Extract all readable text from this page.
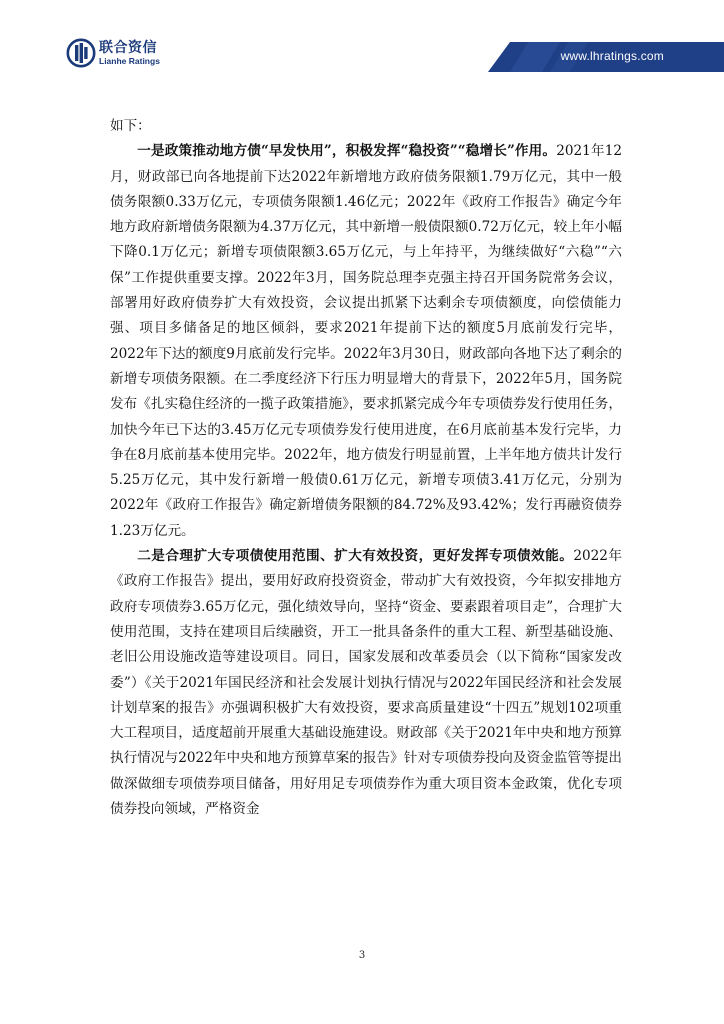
联合资信
Lianhe Ratings	www.lhratings.com

如下：

一是政策推动地方债“早发快用”，积极发挥“稳投资”“稳增长”作用。2021年12月，财政部已向各地提前下达2022年新增地方政府债务限额1.79万亿元，其中一般债务限额0.33万亿元，专项债务限额1.46亿元；2022年《政府工作报告》确定今年地方政府新增债务限额为4.37万亿元，其中新增一般债限额0.72万亿元，较上年小幅下降0.1万亿元；新增专项债限额3.65万亿元，与上年持平，为继续做好“六稳”“六保”工作提供重要支撑。2022年3月，国务院总理李克强主持召开国务院常务会议，部署用好政府债券扩大有效投资，会议提出抓紧下达剩余专项债额度，向偿债能力强、项目多储备足的地区倾斜，要求2021年提前下达的额度5月底前发行完毕，2022年下达的额度9月底前发行完毕。2022年3月30日，财政部向各地下达了剩余的新增专项债务限额。在二季度经济下行压力明显增大的背景下，2022年5月，国务院发布《扎实稳住经济的一揽子政策措施》，要求抓紧完成今年专项债券发行使用任务，加快今年已下达的3.45万亿元专项债券发行使用进度，在6月底前基本发行完毕，力争在8月底前基本使用完毕。2022年，地方债发行明显前置，上半年地方债共计发行5.25万亿元，其中发行新增一般债0.61万亿元，新增专项债3.41万亿元，分别为2022年《政府工作报告》确定新增债务限额的84.72%及93.42%；发行再融资债券1.23万亿元。

二是合理扩大专项债使用范围、扩大有效投资，更好发挥专项债效能。2022年《政府工作报告》提出，要用好政府投资资金，带动扩大有效投资，今年拟安排地方政府专项债券3.65万亿元，强化绩效导向，坚持“资金、要素跟着项目走”，合理扩大使用范围，支持在建项目后续融资，开工一批具备条件的重大工程、新型基础设施、老旧公用设施改造等建设项目。同日，国家发展和改革委员会（以下简称“国家发改委”）《关于2021年国民经济和社会发展计划执行情况与2022年国民经济和社会发展计划草案的报告》亦强调积极扩大有效投资，要求高质量建设“十四五”规划102项重大工程项目，适度超前开展重大基础设施建设。财政部《关于2021年中央和地方预算执行情况与2022年中央和地方预算草案的报告》针对专项债券投向及资金监管等提出做深做细专项债券项目储备，用好用足专项债券作为重大项目资本金政策，优化专项债券投向领域，严格资金

3
